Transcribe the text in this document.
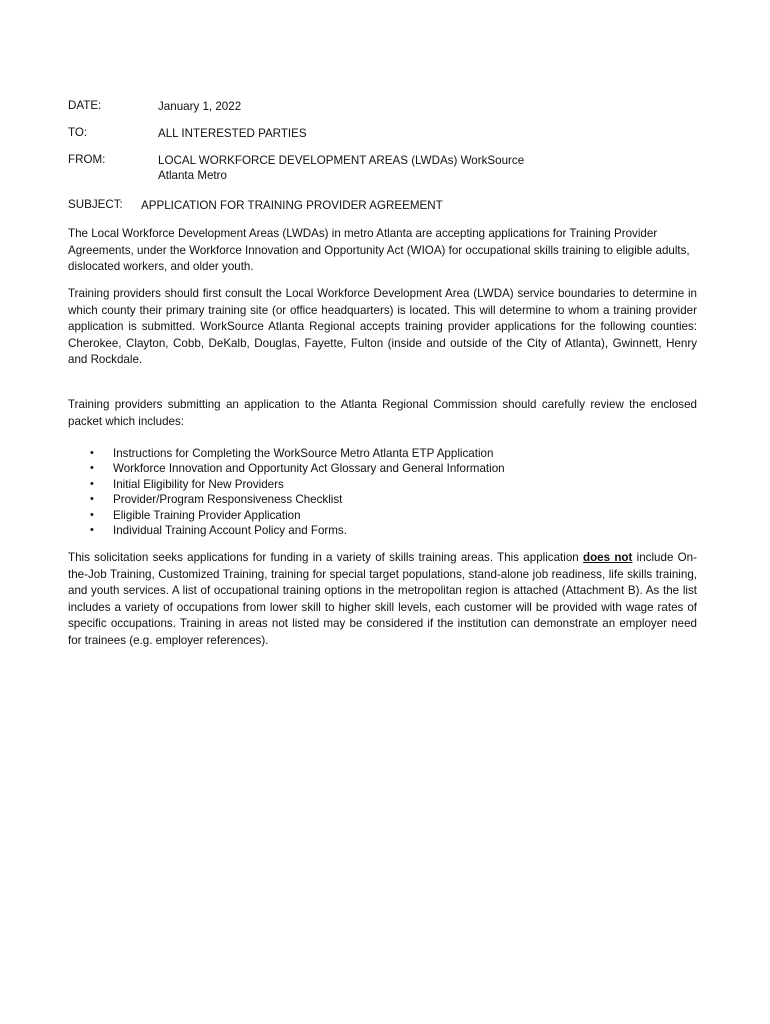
DATE:	January 1, 2022
TO:	ALL INTERESTED PARTIES
FROM:	LOCAL WORKFORCE DEVELOPMENT AREAS (LWDAs) WorkSource
Atlanta Metro
SUBJECT: APPLICATION FOR TRAINING PROVIDER AGREEMENT

The Local Workforce Development Areas (LWDAs) in metro Atlanta are accepting applications for Training Provider Agreements, under the Workforce Innovation and Opportunity Act (WIOA) for occupational skills training to eligible adults, dislocated workers, and older youth.

Training providers should first consult the Local Workforce Development Area (LWDA) service boundaries to determine in which county their primary training site (or office headquarters) is located. This will determine to whom a training provider application is submitted. WorkSource Atlanta Regional accepts training provider applications for the following counties: Cherokee, Clayton, Cobb, DeKalb, Douglas, Fayette, Fulton (inside and outside of the City of Atlanta), Gwinnett, Henry and Rockdale.

Training providers submitting an application to the Atlanta Regional Commission should carefully review the enclosed packet which includes:

• Instructions for Completing the WorkSource Metro Atlanta ETP Application
• Workforce Innovation and Opportunity Act Glossary and General Information
• Initial Eligibility for New Providers
• Provider/Program Responsiveness Checklist
• Eligible Training Provider Application
• Individual Training Account Policy and Forms.

This solicitation seeks applications for funding in a variety of skills training areas. This application does not include On-the-Job Training, Customized Training, training for special target populations, stand-alone job readiness, life skills training, and youth services. A list of occupational training options in the metropolitan region is attached (Attachment B). As the list includes a variety of occupations from lower skill to higher skill levels, each customer will be provided with wage rates of specific occupations. Training in areas not listed may be considered if the institution can demonstrate an employer need for trainees (e.g. employer references).
